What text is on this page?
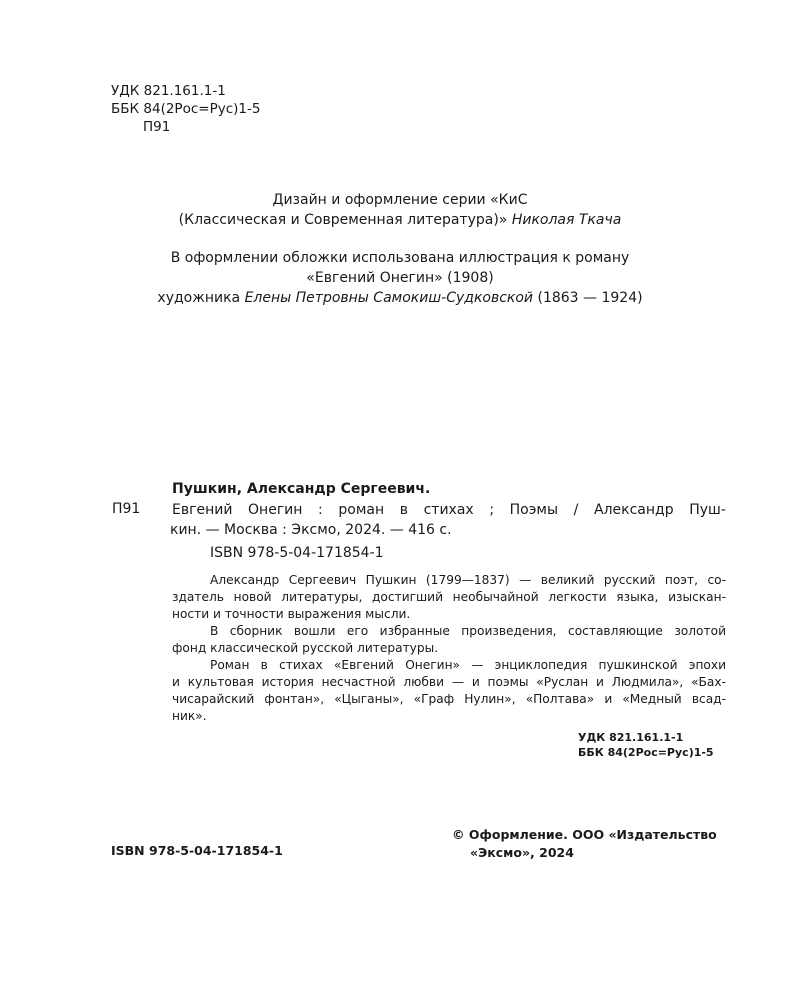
УДК 821.161.1-1
ББК 84(2Рос=Рус)1-5
П91
Дизайн и оформление серии «КиС
(Классическая и Современная литература)» Николая Ткача
В оформлении обложки использована иллюстрация к роману
«Евгений Онегин» (1908)
художника Елены Петровны Самокиш-Судковской (1863 — 1924)
Пушкин, Александр Сергеевич.
П91 Евгений Онегин : роман в стихах ; Поэмы / Александр Пуш-
кин. — Москва : Эксмо, 2024. — 416 с.
ISBN 978-5-04-171854-1
Александр Сергеевич Пушкин (1799—1837) — великий русский поэт, со-
здатель новой литературы, достигший необычайной легкости языка, изыскан-
ности и точности выражения мысли.
В сборник вошли его избранные произведения, составляющие золотой
фонд классической русской литературы.
Роман в стихах «Евгений Онегин» — энциклопедия пушкинской эпохи
и культовая история несчастной любви — и поэмы «Руслан и Людмила», «Бах-
чисарайский фонтан», «Цыганы», «Граф Нулин», «Полтава» и «Медный всад-
ник».
УДК 821.161.1-1
ББК 84(2Рос=Рус)1-5
ISBN 978-5-04-171854-1
© Оформление. ООО «Издательство
«Эксмо», 2024
